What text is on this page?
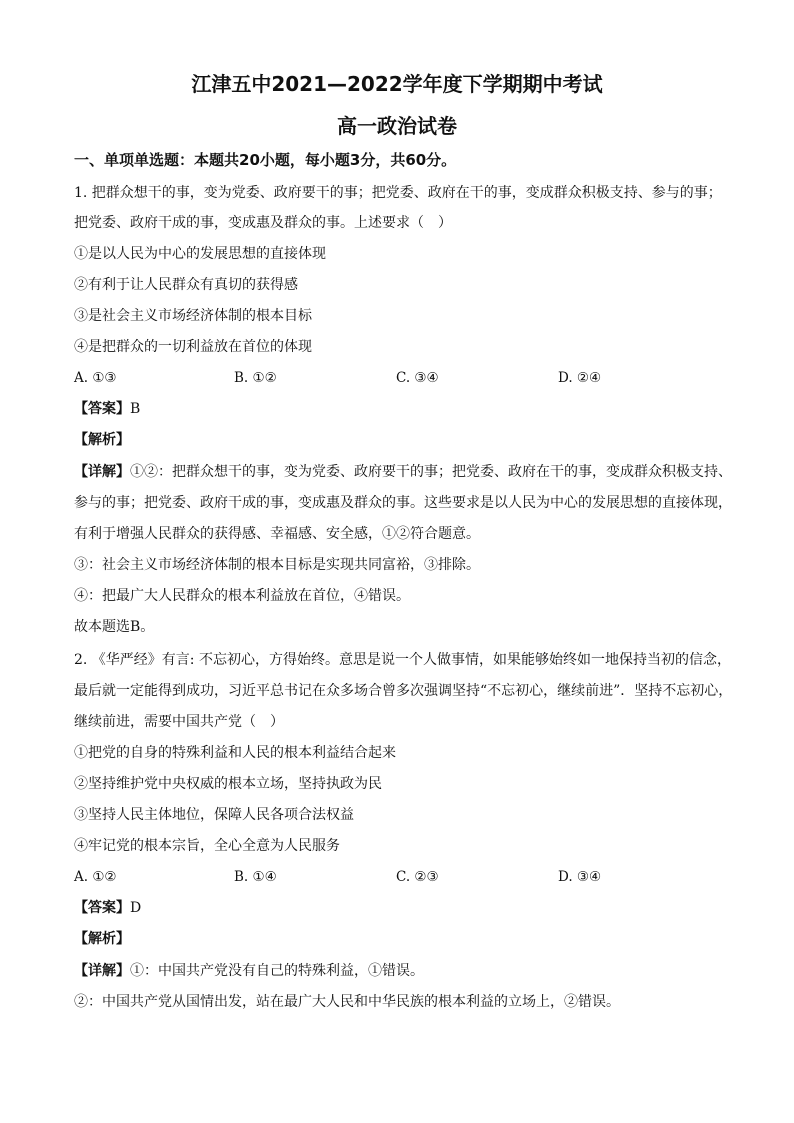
江津五中2021—2022学年度下学期期中考试
高一政治试卷
一、单项单选题：本题共20小题，每小题3分，共60分。
1. 把群众想干的事，变为党委、政府要干的事；把党委、政府在干的事，变成群众积极支持、参与的事；
把党委、政府干成的事，变成惠及群众的事。上述要求（　）
①是以人民为中心的发展思想的直接体现
②有利于让人民群众有真切的获得感
③是社会主义市场经济体制的根本目标
④是把群众的一切利益放在首位的体现
A. ①③	B. ①②	C. ③④	D. ②④
【答案】B
【解析】
【详解】①②：把群众想干的事，变为党委、政府要干的事；把党委、政府在干的事，变成群众积极支持、
参与的事；把党委、政府干成的事，变成惠及群众的事。这些要求是以人民为中心的发展思想的直接体现，
有利于增强人民群众的获得感、幸福感、安全感，①②符合题意。
③：社会主义市场经济体制的根本目标是实现共同富裕，③排除。
④：把最广大人民群众的根本利益放在首位，④错误。
故本题选B。
2. 《华严经》有言: 不忘初心，方得始终。意思是说一个人做事情，如果能够始终如一地保持当初的信念，
最后就一定能得到成功，习近平总书记在众多场合曾多次强调坚持“不忘初心，继续前进”．坚持不忘初心，
继续前进，需要中国共产党（　）
①把党的自身的特殊利益和人民的根本利益结合起来
②坚持维护党中央权威的根本立场，坚持执政为民
③坚持人民主体地位，保障人民各项合法权益
④牢记党的根本宗旨，全心全意为人民服务
A. ①②	B. ①④	C. ②③	D. ③④
【答案】D
【解析】
【详解】①：中国共产党没有自己的特殊利益，①错误。
②：中国共产党从国情出发，站在最广大人民和中华民族的根本利益的立场上，②错误。
